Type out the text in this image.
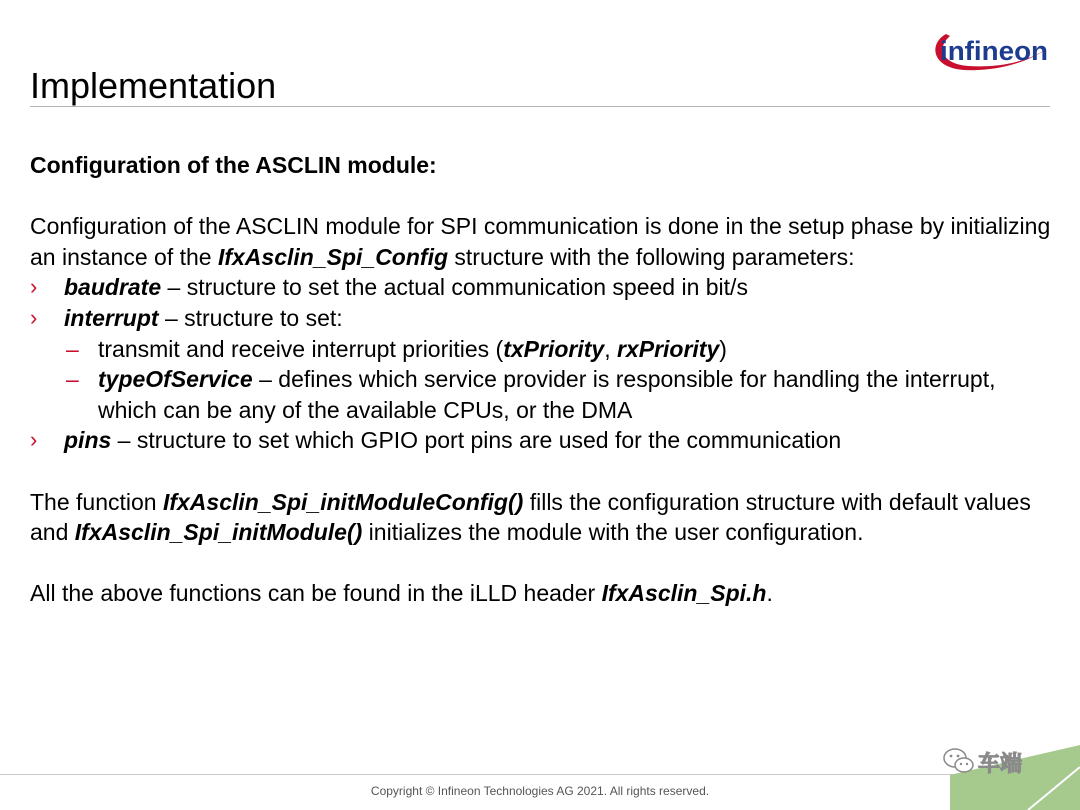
infineon
Implementation

Configuration of the ASCLIN module:

Configuration of the ASCLIN module for SPI communication is done in the setup phase by initializing an instance of the IfxAsclin_Spi_Config structure with the following parameters:

› baudrate – structure to set the actual communication speed in bit/s

› interrupt – structure to set:

– transmit and receive interrupt priorities (txPriority, rxPriority)

– typeOfService – defines which service provider is responsible for handling the interrupt, which can be any of the available CPUs, or the DMA

› pins – structure to set which GPIO port pins are used for the communication

The function IfxAsclin_Spi_initModuleConfig() fills the configuration structure with default values and IfxAsclin_Spi_initModule() initializes the module with the user configuration.

All the above functions can be found in the iLLD header IfxAsclin_Spi.h.

车端
Copyright © Infineon Technologies AG 2021. All rights reserved.
